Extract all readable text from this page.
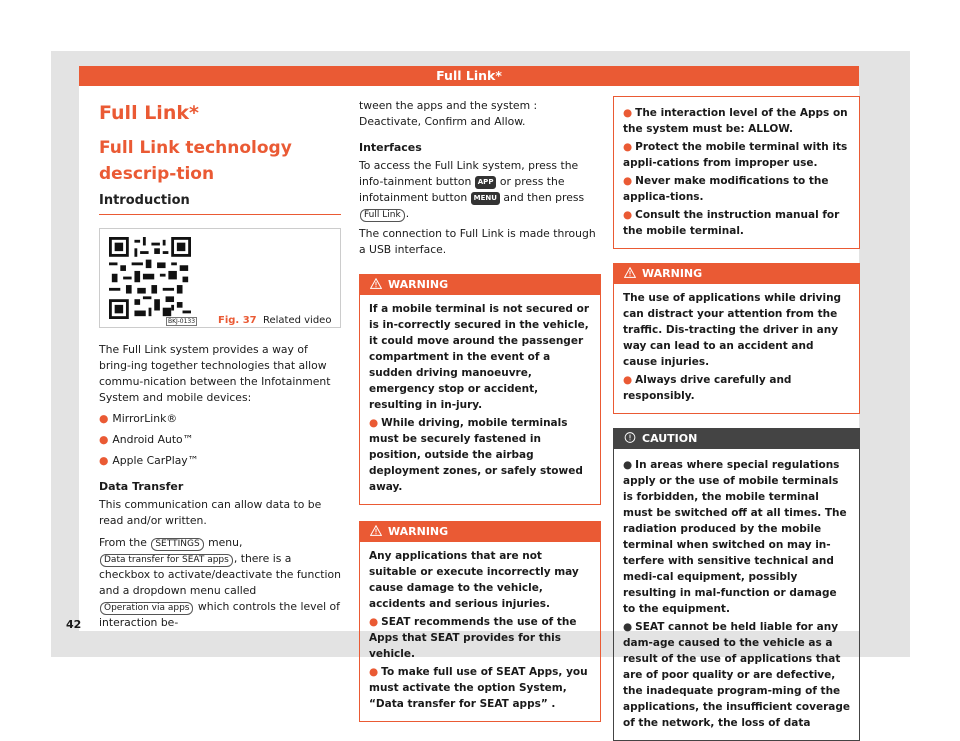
Full Link*
Full Link*
Full Link technology descrip-tion
Introduction
BKJ-0133 Fig. 37 Related video
The Full Link system provides a way of bring-ing together technologies that allow commu-nication between the Infotainment System and mobile devices:
● MirrorLink®
● Android Auto™
● Apple CarPlay™
Data Transfer
This communication can allow data to be read and/or written.
From the SETTINGS menu, Data transfer for SEAT apps , there is a checkbox to activate/deactivate the function and a dropdown menu called Operation via apps which controls the level of interaction be-
42
tween the apps and the system : Deactivate, Confirm and Allow.
Interfaces
To access the Full Link system, press the info-tainment button APP or press the infotainment button MENU and then press Full Link .
The connection to Full Link is made through a USB interface.
WARNING
If a mobile terminal is not secured or is in-correctly secured in the vehicle, it could move around the passenger compartment in the event of a sudden driving manoeuvre, emergency stop or accident, resulting in in-jury.
● While driving, mobile terminals must be securely fastened in position, outside the airbag deployment zones, or safely stowed away.
WARNING
Any applications that are not suitable or execute incorrectly may cause damage to the vehicle, accidents and serious injuries.
● SEAT recommends the use of the Apps that SEAT provides for this vehicle.
● To make full use of SEAT Apps, you must activate the option System, “Data transfer for SEAT apps” .
● The interaction level of the Apps on the system must be: ALLOW.
● Protect the mobile terminal with its appli-cations from improper use.
● Never make modifications to the applica-tions.
● Consult the instruction manual for the mobile terminal.
WARNING
The use of applications while driving can distract your attention from the traffic. Dis-tracting the driver in any way can lead to an accident and cause injuries.
● Always drive carefully and responsibly.
CAUTION
● In areas where special regulations apply or the use of mobile terminals is forbidden, the mobile terminal must be switched off at all times. The radiation produced by the mobile terminal when switched on may in-terfere with sensitive technical and medi-cal equipment, possibly resulting in mal-function or damage to the equipment.
● SEAT cannot be held liable for any dam-age caused to the vehicle as a result of the use of applications that are of poor quality or are defective, the inadequate program-ming of the applications, the insufficient coverage of the network, the loss of data
